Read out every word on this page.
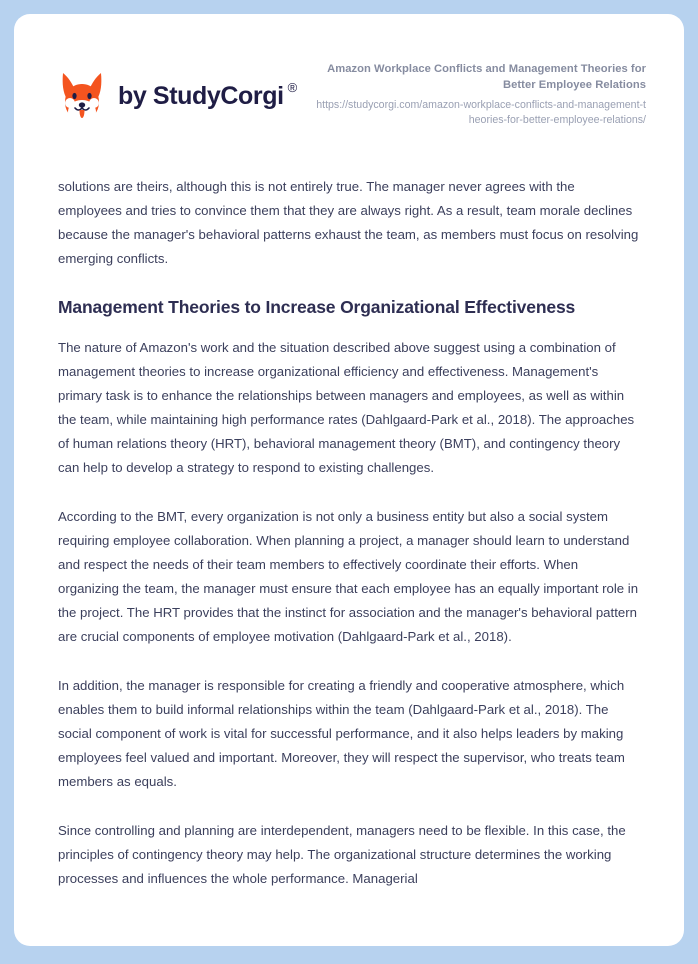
by StudyCorgi ®
Amazon Workplace Conflicts and Management Theories for Better Employee Relations
https://studycorgi.com/amazon-workplace-conflicts-and-management-theories-for-better-employee-relations/

solutions are theirs, although this is not entirely true. The manager never agrees with the employees and tries to convince them that they are always right. As a result, team morale declines because the manager's behavioral patterns exhaust the team, as members must focus on resolving emerging conflicts.

Management Theories to Increase Organizational Effectiveness

The nature of Amazon's work and the situation described above suggest using a combination of management theories to increase organizational efficiency and effectiveness. Management's primary task is to enhance the relationships between managers and employees, as well as within the team, while maintaining high performance rates (Dahlgaard-Park et al., 2018). The approaches of human relations theory (HRT), behavioral management theory (BMT), and contingency theory can help to develop a strategy to respond to existing challenges.

According to the BMT, every organization is not only a business entity but also a social system requiring employee collaboration. When planning a project, a manager should learn to understand and respect the needs of their team members to effectively coordinate their efforts. When organizing the team, the manager must ensure that each employee has an equally important role in the project. The HRT provides that the instinct for association and the manager's behavioral pattern are crucial components of employee motivation (Dahlgaard-Park et al., 2018).

In addition, the manager is responsible for creating a friendly and cooperative atmosphere, which enables them to build informal relationships within the team (Dahlgaard-Park et al., 2018). The social component of work is vital for successful performance, and it also helps leaders by making employees feel valued and important. Moreover, they will respect the supervisor, who treats team members as equals.

Since controlling and planning are interdependent, managers need to be flexible. In this case, the principles of contingency theory may help. The organizational structure determines the working processes and influences the whole performance. Managerial
